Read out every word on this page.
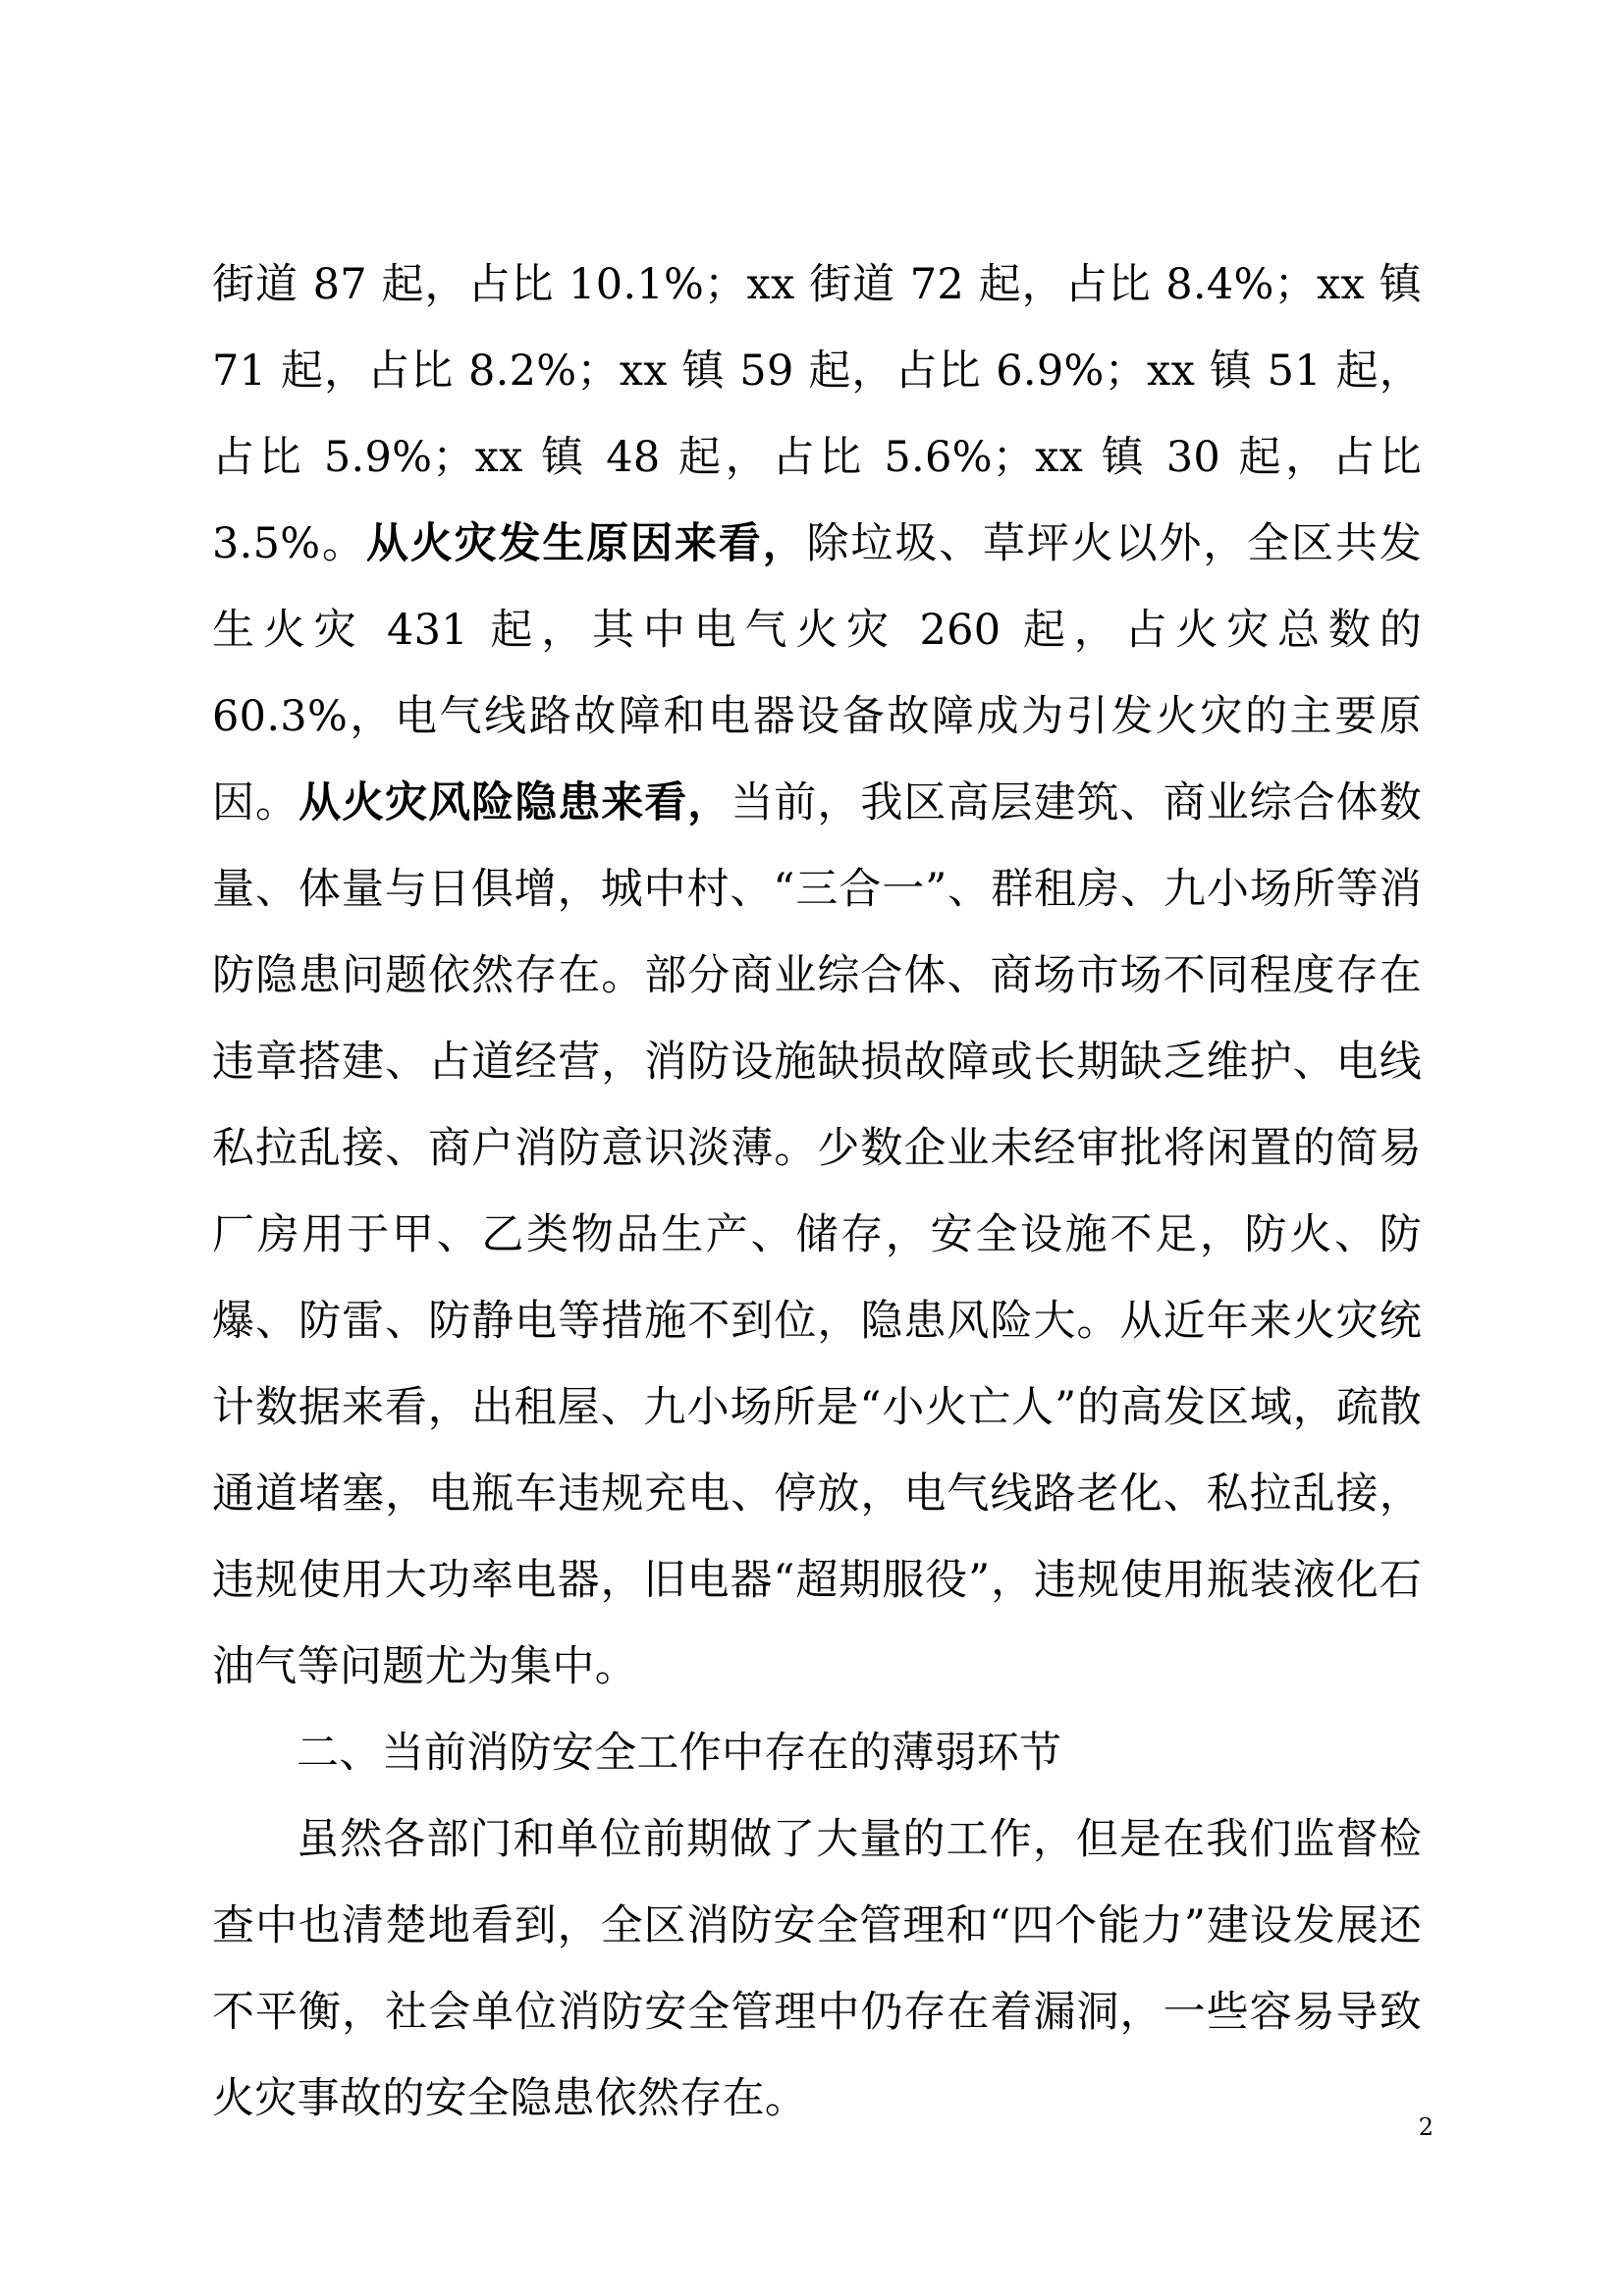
街道 87 起，占比 10.1%；xx 街道 72 起，占比 8.4%；xx 镇 71 起，占比 8.2%；xx 镇 59 起，占比 6.9%；xx 镇 51 起，占比 5.9%；xx 镇 48 起，占比 5.6%；xx 镇 30 起，占比 3.5%。从火灾发生原因来看，除垃圾、草坪火以外，全区共发生火灾 431 起，其中电气火灾 260 起，占火灾总数的 60.3%，电气线路故障和电器设备故障成为引发火灾的主要原因。从火灾风险隐患来看，当前，我区高层建筑、商业综合体数量、体量与日俱增，城中村、“三合一”、群租房、九小场所等消防隐患问题依然存在。部分商业综合体、商场市场不同程度存在违章搭建、占道经营，消防设施缺损故障或长期缺乏维护、电线私拉乱接、商户消防意识淡薄。少数企业未经审批将闲置的简易厂房用于甲、乙类物品生产、储存，安全设施不足，防火、防爆、防雷、防静电等措施不到位，隐患风险大。从近年来火灾统计数据来看，出租屋、九小场所是“小火亡人”的高发区域，疏散通道堵塞，电瓶车违规充电、停放，电气线路老化、私拉乱接，违规使用大功率电器，旧电器“超期服役”，违规使用瓶装液化石油气等问题尤为集中。

二、当前消防安全工作中存在的薄弱环节

虽然各部门和单位前期做了大量的工作，但是在我们监督检查中也清楚地看到，全区消防安全管理和“四个能力”建设发展还不平衡，社会单位消防安全管理中仍存在着漏洞，一些容易导致火灾事故的安全隐患依然存在。

2
